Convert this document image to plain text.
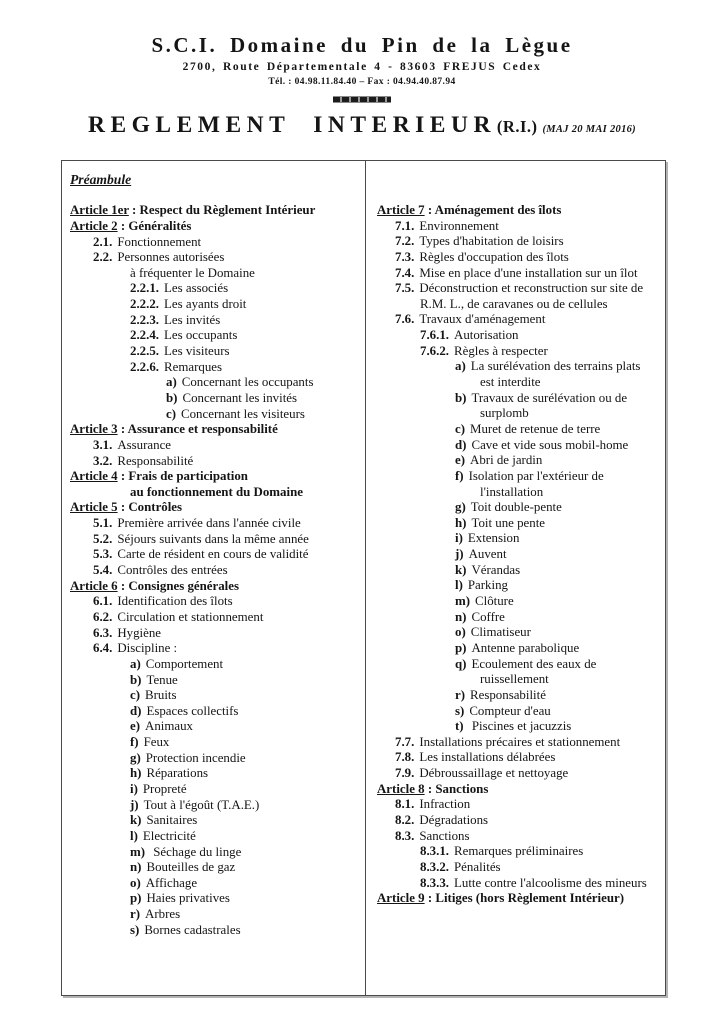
S.C.I. Domaine du Pin de la Lègue
2700, Route Départementale 4 - 83603 FREJUS Cedex
Tél. : 04.98.11.84.40 – Fax : 04.94.40.87.94
REGLEMENT INTERIEUR(R.I.) (MAJ 20 MAI 2016)
Préambule
Article 1er : Respect du Règlement Intérieur
Article 2 : Généralités
2.1. Fonctionnement
2.2. Personnes autorisées
à fréquenter le Domaine
2.2.1. Les associés
2.2.2. Les ayants droit
2.2.3. Les invités
2.2.4. Les occupants
2.2.5. Les visiteurs
2.2.6. Remarques
a) Concernant les occupants
b) Concernant les invités
c) Concernant les visiteurs
Article 3 : Assurance et responsabilité
3.1. Assurance
3.2. Responsabilité
Article 4 : Frais de participation
au fonctionnement du Domaine
Article 5 : Contrôles
5.1. Première arrivée dans l'année civile
5.2. Séjours suivants dans la même année
5.3. Carte de résident en cours de validité
5.4. Contrôles des entrées
Article 6 : Consignes générales
6.1. Identification des îlots
6.2. Circulation et stationnement
6.3. Hygiène
6.4. Discipline :
a) Comportement
b) Tenue
c) Bruits
d) Espaces collectifs
e) Animaux
f) Feux
g) Protection incendie
h) Réparations
i) Propreté
j) Tout à l'égoût (T.A.E.)
k) Sanitaires
l) Electricité
m) Séchage du linge
n) Bouteilles de gaz
o) Affichage
p) Haies privatives
r) Arbres
s) Bornes cadastrales
Article 7 : Aménagement des îlots
7.1. Environnement
7.2. Types d'habitation de loisirs
7.3. Règles d'occupation des îlots
7.4. Mise en place d'une installation sur un îlot
7.5. Déconstruction et reconstruction sur site de
R.M. L., de caravanes ou de cellules
7.6. Travaux d'aménagement
7.6.1. Autorisation
7.6.2. Règles à respecter
a) La surélévation des terrains plats
est interdite
b) Travaux de surélévation ou de
surplomb
c) Muret de retenue de terre
d) Cave et vide sous mobil-home
e) Abri de jardin
f) Isolation par l'extérieur de
l'installation
g) Toit double-pente
h) Toit une pente
i) Extension
j) Auvent
k) Vérandas
l) Parking
m) Clôture
n) Coffre
o) Climatiseur
p) Antenne parabolique
q) Ecoulement des eaux de
ruissellement
r) Responsabilité
s) Compteur d'eau
t) Piscines et jacuzzis
7.7. Installations précaires et stationnement
7.8. Les installations délabrées
7.9. Débroussaillage et nettoyage
Article 8 : Sanctions
8.1. Infraction
8.2. Dégradations
8.3. Sanctions
8.3.1. Remarques préliminaires
8.3.2. Pénalités
8.3.3. Lutte contre l'alcoolisme des mineurs
Article 9 : Litiges (hors Règlement Intérieur)
